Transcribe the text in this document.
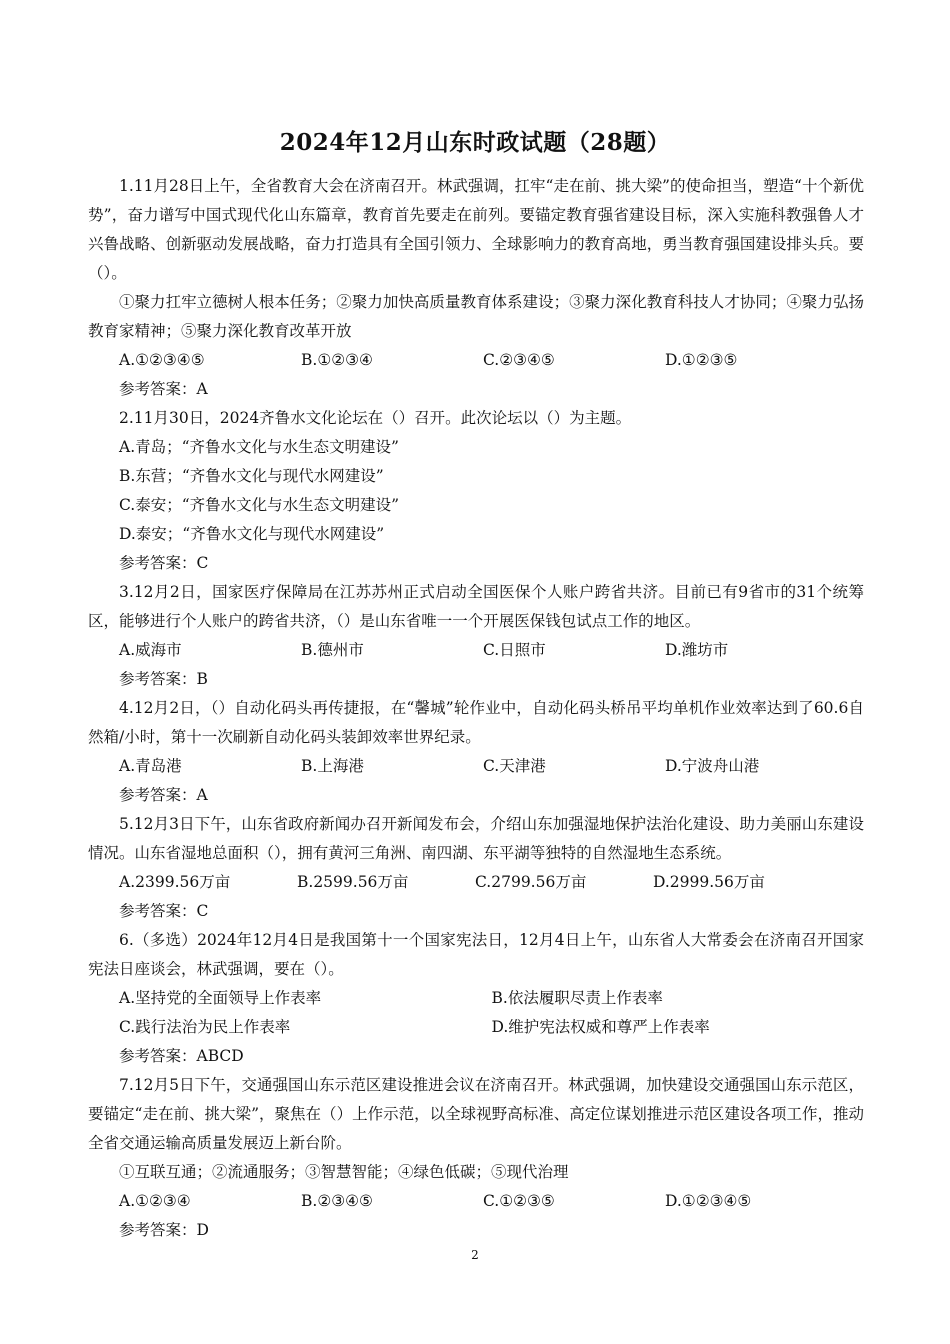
2024年12月山东时政试题（28题）

1.11月28日上午，全省教育大会在济南召开。林武强调，扛牢“走在前、挑大梁”的使命担当，塑造“十个新优势”，奋力谱写中国式现代化山东篇章，教育首先要走在前列。要锚定教育强省建设目标，深入实施科教强鲁人才兴鲁战略、创新驱动发展战略，奋力打造具有全国引领力、全球影响力的教育高地，勇当教育强国建设排头兵。要（）。

①聚力扛牢立德树人根本任务；②聚力加快高质量教育体系建设；③聚力深化教育科技人才协同；④聚力弘扬教育家精神；⑤聚力深化教育改革开放

A.①②③④⑤	B.①②③④	C.②③④⑤	D.①②③⑤

参考答案：A

2.11月30日，2024齐鲁水文化论坛在（）召开。此次论坛以（）为主题。

A.青岛；“齐鲁水文化与水生态文明建设”

B.东营；“齐鲁水文化与现代水网建设”

C.泰安；“齐鲁水文化与水生态文明建设”

D.泰安；“齐鲁水文化与现代水网建设”

参考答案：C

3.12月2日，国家医疗保障局在江苏苏州正式启动全国医保个人账户跨省共济。目前已有9省市的31个统筹区，能够进行个人账户的跨省共济，（）是山东省唯一一个开展医保钱包试点工作的地区。

A.威海市	B.德州市	C.日照市	D.潍坊市

参考答案：B

4.12月2日，（）自动化码头再传捷报，在“馨城”轮作业中，自动化码头桥吊平均单机作业效率达到了60.6自然箱/小时，第十一次刷新自动化码头装卸效率世界纪录。

A.青岛港	B.上海港	C.天津港	D.宁波舟山港

参考答案：A

5.12月3日下午，山东省政府新闻办召开新闻发布会，介绍山东加强湿地保护法治化建设、助力美丽山东建设情况。山东省湿地总面积（），拥有黄河三角洲、南四湖、东平湖等独特的自然湿地生态系统。

A.2399.56万亩	B.2599.56万亩	C.2799.56万亩	D.2999.56万亩

参考答案：C

6.（多选）2024年12月4日是我国第十一个国家宪法日，12月4日上午，山东省人大常委会在济南召开国家宪法日座谈会，林武强调，要在（）。

A.坚持党的全面领导上作表率	B.依法履职尽责上作表率
C.践行法治为民上作表率	D.维护宪法权威和尊严上作表率

参考答案：ABCD

7.12月5日下午，交通强国山东示范区建设推进会议在济南召开。林武强调，加快建设交通强国山东示范区，要锚定“走在前、挑大梁”，聚焦在（）上作示范，以全球视野高标准、高定位谋划推进示范区建设各项工作，推动全省交通运输高质量发展迈上新台阶。

①互联互通；②流通服务；③智慧智能；④绿色低碳；⑤现代治理

A.①②③④	B.②③④⑤	C.①②③⑤	D.①②③④⑤

参考答案：D

2
